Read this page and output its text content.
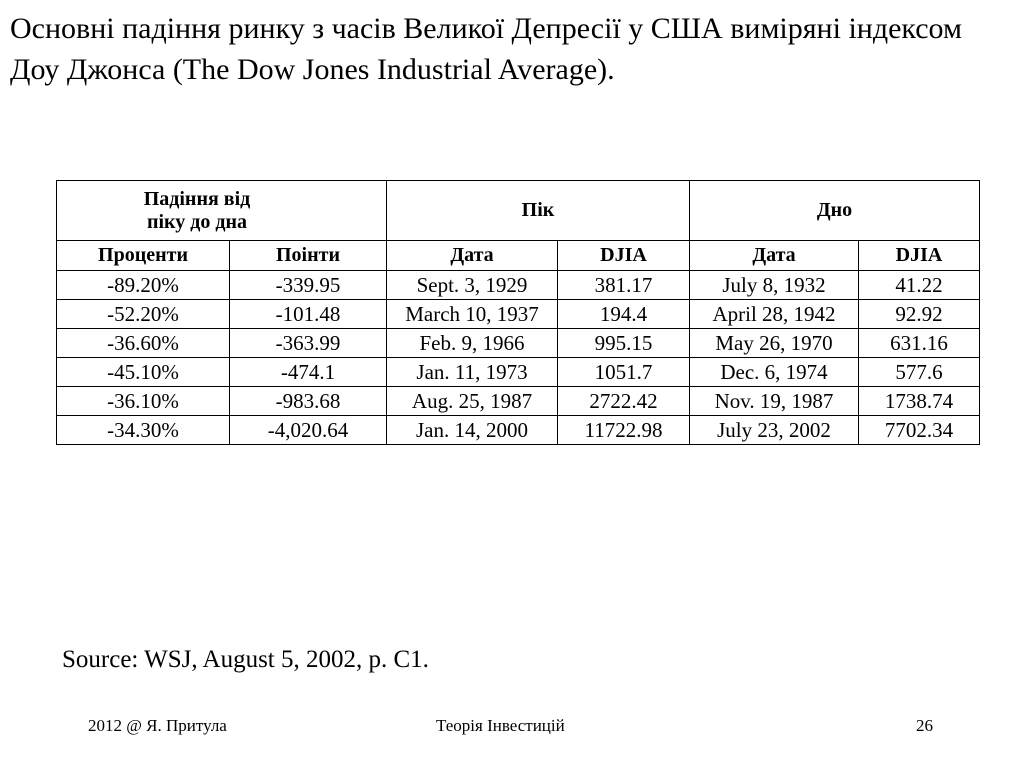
Основні падіння ринку з часів Великої Депресії у США виміряні індексом Доу Джонса (The Dow Jones Industrial Average).
Падіння від
піку до дна		Пік		Дно	
Проценти	Поінти	Дата	DJIA	Дата	DJIA
-89.20%	-339.95	Sept. 3, 1929	381.17	July 8, 1932	41.22
-52.20%	-101.48	March 10, 1937	194.4	April 28, 1942	92.92
-36.60%	-363.99	Feb. 9, 1966	995.15	May 26, 1970	631.16
-45.10%	-474.1	Jan. 11, 1973	1051.7	Dec. 6, 1974	577.6
-36.10%	-983.68	Aug. 25, 1987	2722.42	Nov. 19, 1987	1738.74
-34.30%	-4,020.64	Jan. 14, 2000	11722.98	July 23, 2002	7702.34
Source: WSJ, August 5, 2002, p. C1.
2012 @ Я. Притула	Теорія Інвестицій	26
